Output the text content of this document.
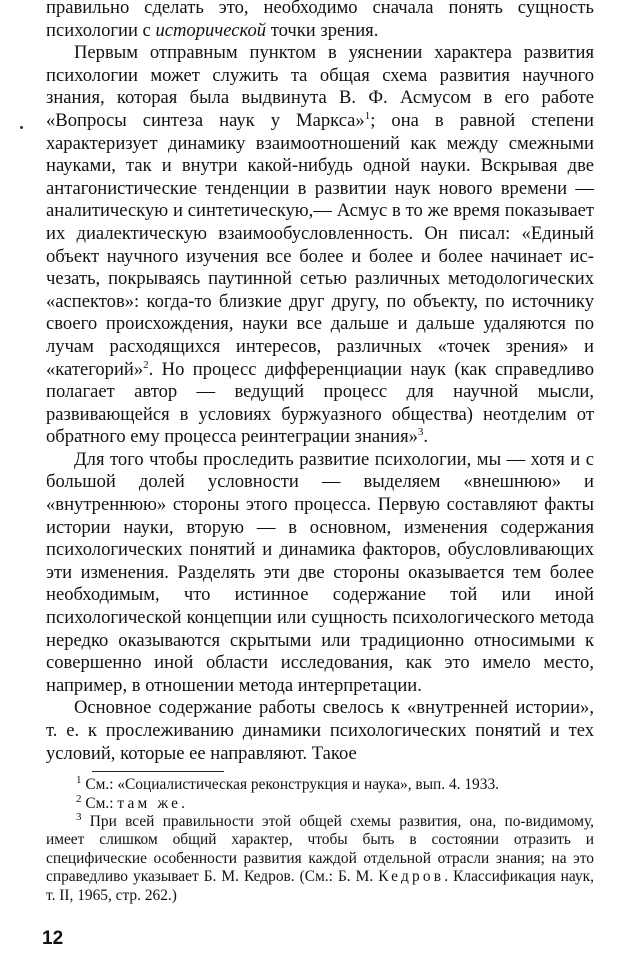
правильно сделать это, необходимо сначала понять сущность психологии с исторической точки зрения.

Первым отправным пунктом в уяснении характера развития психологии может служить та общая схема развития научного знания, которая была выдвинута В. Ф. Асмусом в его работе «Вопросы синтеза наук у Маркса»$^1$; она в равной степени характеризует динамику взаимоотношений как между смежными науками, так и внутри какой-нибудь одной науки. Вскрывая две антагонистические тенденции в развитии наук нового времени — аналитическую и синтетическую,— Асмус в то же время показывает их диалектическую взаимообусловленность. Он писал: «Единый объект научного изучения все более и более и более начинает исчезать, покрываясь паутинной сетью различных методологических «аспектов»: когда-то близкие друг другу, по объекту, по источнику своего происхождения, науки все дальше и дальше удаляются по лучам расходящихся интересов, различных «точек зрения» и «категорий»$^2$. Но процесс дифференциации наук (как справедливо полагает автор — ведущий процесс для научной мысли, развивающейся в условиях буржуазного общества) неотделим от обратного ему процесса реинтеграции знания»$^3$.

Для того чтобы проследить развитие психологии, мы — хотя и с большой долей условности — выделяем «внешнюю» и «внутреннюю» стороны этого процесса. Первую составляют факты истории науки, вторую — в основном, изменения содержания психологических понятий и динамика факторов, обусловливающих эти изменения. Разделять эти две стороны оказывается тем более необходимым, что истинное содержание той или иной психологической концепции или сущность психологического метода нередко оказываются скрытыми или традиционно относимыми к совершенно иной области исследования, как это имело место, например, в отношении метода интерпретации.

Основное содержание работы свелось к «внутренней истории», т. е. к прослеживанию динамики психологических понятий и тех условий, которые ее направляют. Такое

$^1$ См.: «Социалистическая реконструкция и наука», вып. 4. 1933.

$^2$ См.: там же.

$^3$ При всей правильности этой общей схемы развития, она, по-видимому, имеет слишком общий характер, чтобы быть в состоянии отразить и специфические особенности развития каждой отдельной отрасли знания; на это справедливо указывает Б. М. Кедров. (См.: Б. М. Кедров. Классификация наук, т. II, 1965, стр. 262.)

12
